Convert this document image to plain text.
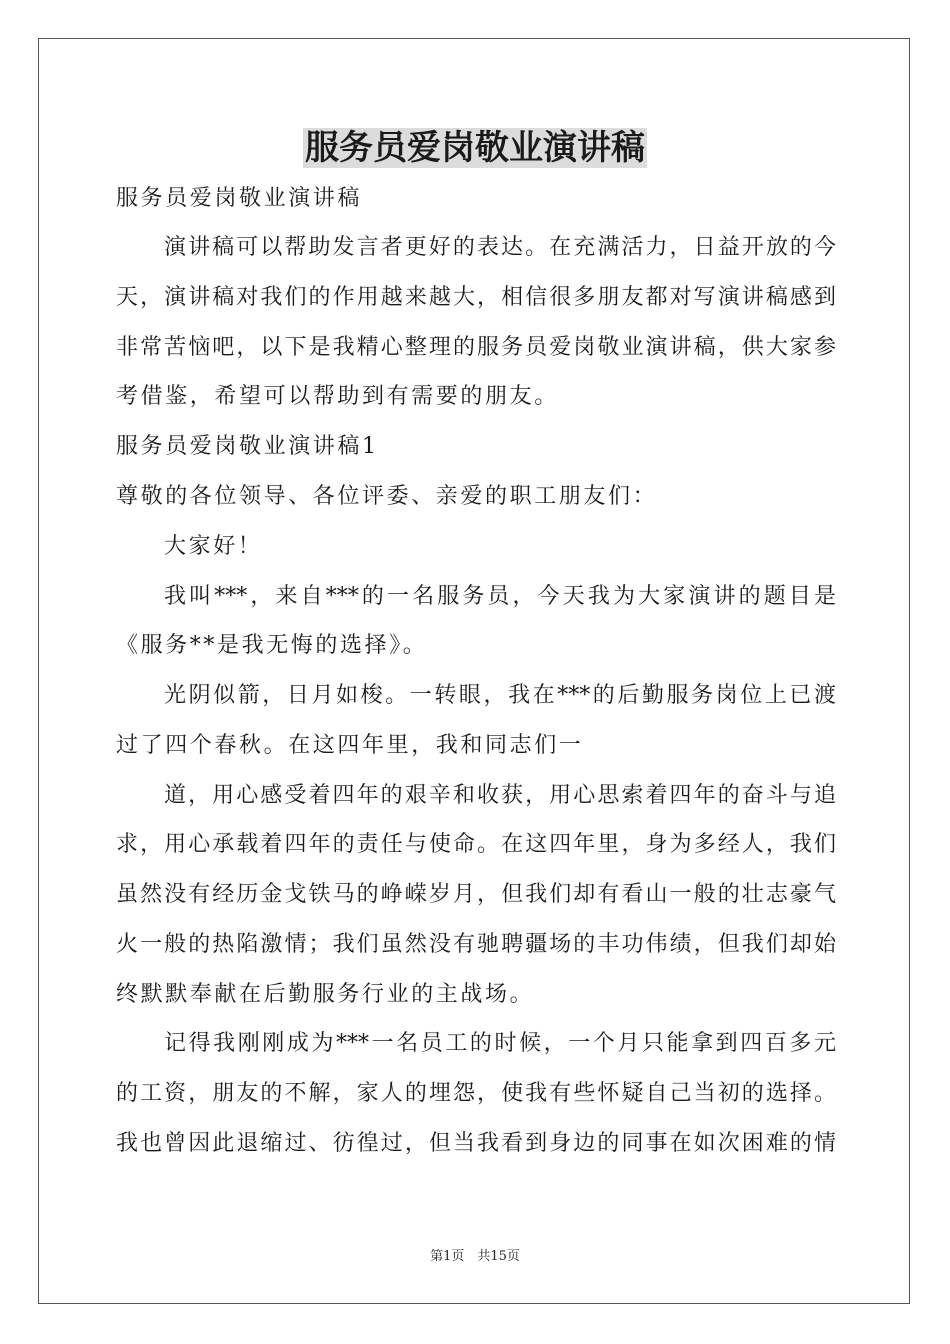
服务员爱岗敬业演讲稿
服务员爱岗敬业演讲稿
演讲稿可以帮助发言者更好的表达。在充满活力，日益开放的今
天，演讲稿对我们的作用越来越大，相信很多朋友都对写演讲稿感到
非常苦恼吧，以下是我精心整理的服务员爱岗敬业演讲稿，供大家参
考借鉴，希望可以帮助到有需要的朋友。
服务员爱岗敬业演讲稿1
尊敬的各位领导、各位评委、亲爱的职工朋友们：
大家好！
我叫***，来自***的一名服务员，今天我为大家演讲的题目是
《服务**是我无悔的选择》。
光阴似箭，日月如梭。一转眼，我在***的后勤服务岗位上已渡
过了四个春秋。在这四年里，我和同志们一
道，用心感受着四年的艰辛和收获，用心思索着四年的奋斗与追
求，用心承载着四年的责任与使命。在这四年里，身为多经人，我们
虽然没有经历金戈铁马的峥嵘岁月，但我们却有看山一般的壮志豪气
火一般的热陷激情；我们虽然没有驰聘疆场的丰功伟绩，但我们却始
终默默奉献在后勤服务行业的主战场。
记得我刚刚成为***一名员工的时候，一个月只能拿到四百多元
的工资，朋友的不解，家人的埋怨，使我有些怀疑自己当初的选择。
我也曾因此退缩过、彷徨过，但当我看到身边的同事在如次困难的情
第1页　共15页
